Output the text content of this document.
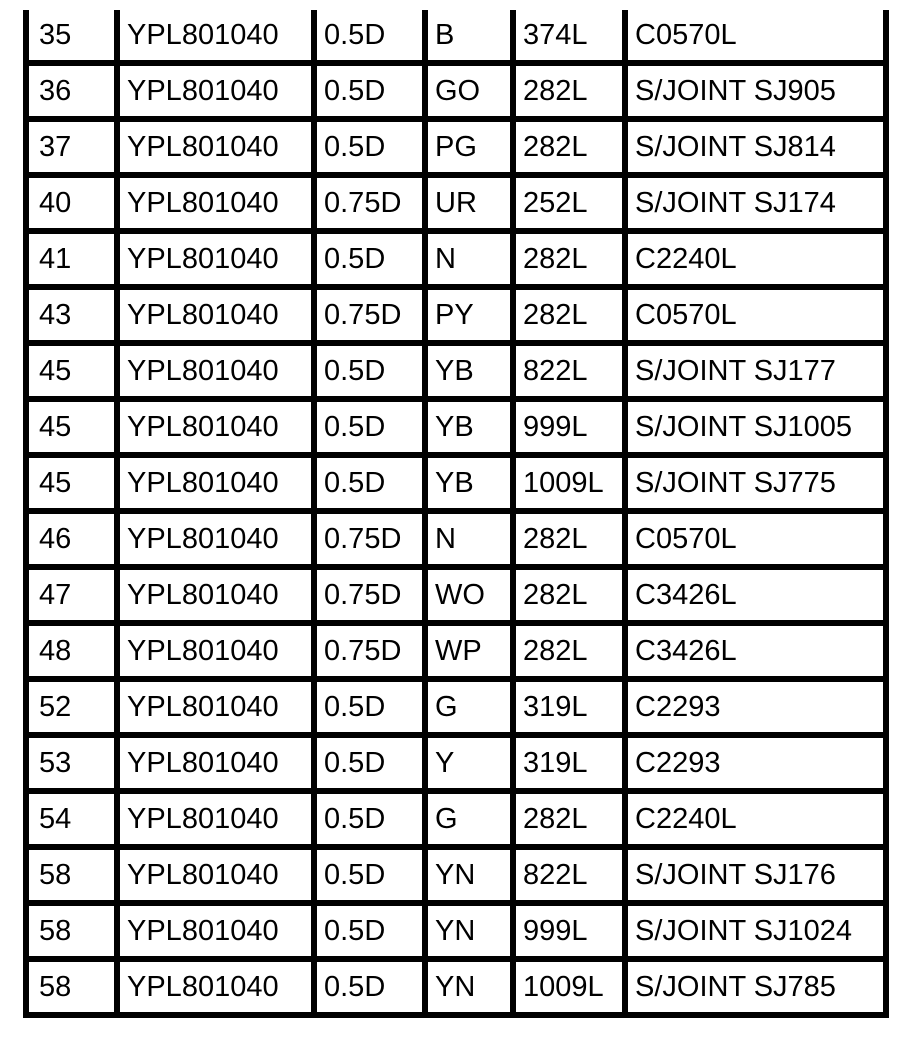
35	YPL801040	0.5D	B	374L	C0570L
36	YPL801040	0.5D	GO	282L	S/JOINT SJ905
37	YPL801040	0.5D	PG	282L	S/JOINT SJ814
40	YPL801040	0.75D	UR	252L	S/JOINT SJ174
41	YPL801040	0.5D	N	282L	C2240L
43	YPL801040	0.75D	PY	282L	C0570L
45	YPL801040	0.5D	YB	822L	S/JOINT SJ177
45	YPL801040	0.5D	YB	999L	S/JOINT SJ1005
45	YPL801040	0.5D	YB	1009L	S/JOINT SJ775
46	YPL801040	0.75D	N	282L	C0570L
47	YPL801040	0.75D	WO	282L	C3426L
48	YPL801040	0.75D	WP	282L	C3426L
52	YPL801040	0.5D	G	319L	C2293
53	YPL801040	0.5D	Y	319L	C2293
54	YPL801040	0.5D	G	282L	C2240L
58	YPL801040	0.5D	YN	822L	S/JOINT SJ176
58	YPL801040	0.5D	YN	999L	S/JOINT SJ1024
58	YPL801040	0.5D	YN	1009L	S/JOINT SJ785
